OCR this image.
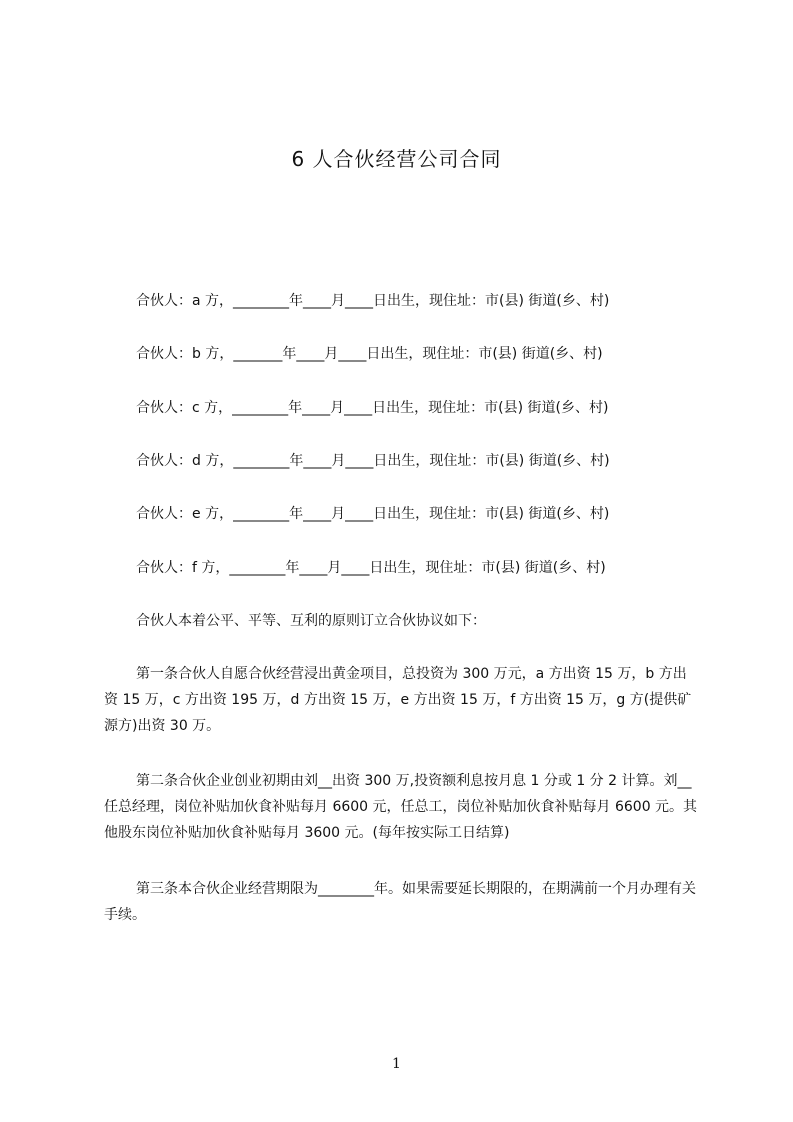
6 人合伙经营公司合同
合伙人：a 方，________年____月____日出生，现住址：市(县) 街道(乡、村)
合伙人：b 方，_______年____月____日出生，现住址：市(县) 街道(乡、村)
合伙人：c 方，________年____月____日出生，现住址：市(县) 街道(乡、村)
合伙人：d 方，________年____月____日出生，现住址：市(县) 街道(乡、村)
合伙人：e 方，________年____月____日出生，现住址：市(县) 街道(乡、村)
合伙人：f 方，________年____月____日出生，现住址：市(县) 街道(乡、村)
合伙人本着公平、平等、互利的原则订立合伙协议如下：
第一条合伙人自愿合伙经营浸出黄金项目，总投资为 300 万元，a 方出资 15 万，b 方出资 15 万，c 方出资 195 万，d 方出资 15 万，e 方出资 15 万，f 方出资 15 万，g 方(提供矿源方)出资 30 万。
第二条合伙企业创业初期由刘__出资 300 万,投资额利息按月息 1 分或 1 分 2 计算。刘__任总经理，岗位补贴加伙食补贴每月 6600 元，任总工，岗位补贴加伙食补贴每月 6600 元。其他股东岗位补贴加伙食补贴每月 3600 元。(每年按实际工日结算)
第三条本合伙企业经营期限为________年。如果需要延长期限的，在期满前一个月办理有关手续。
1
